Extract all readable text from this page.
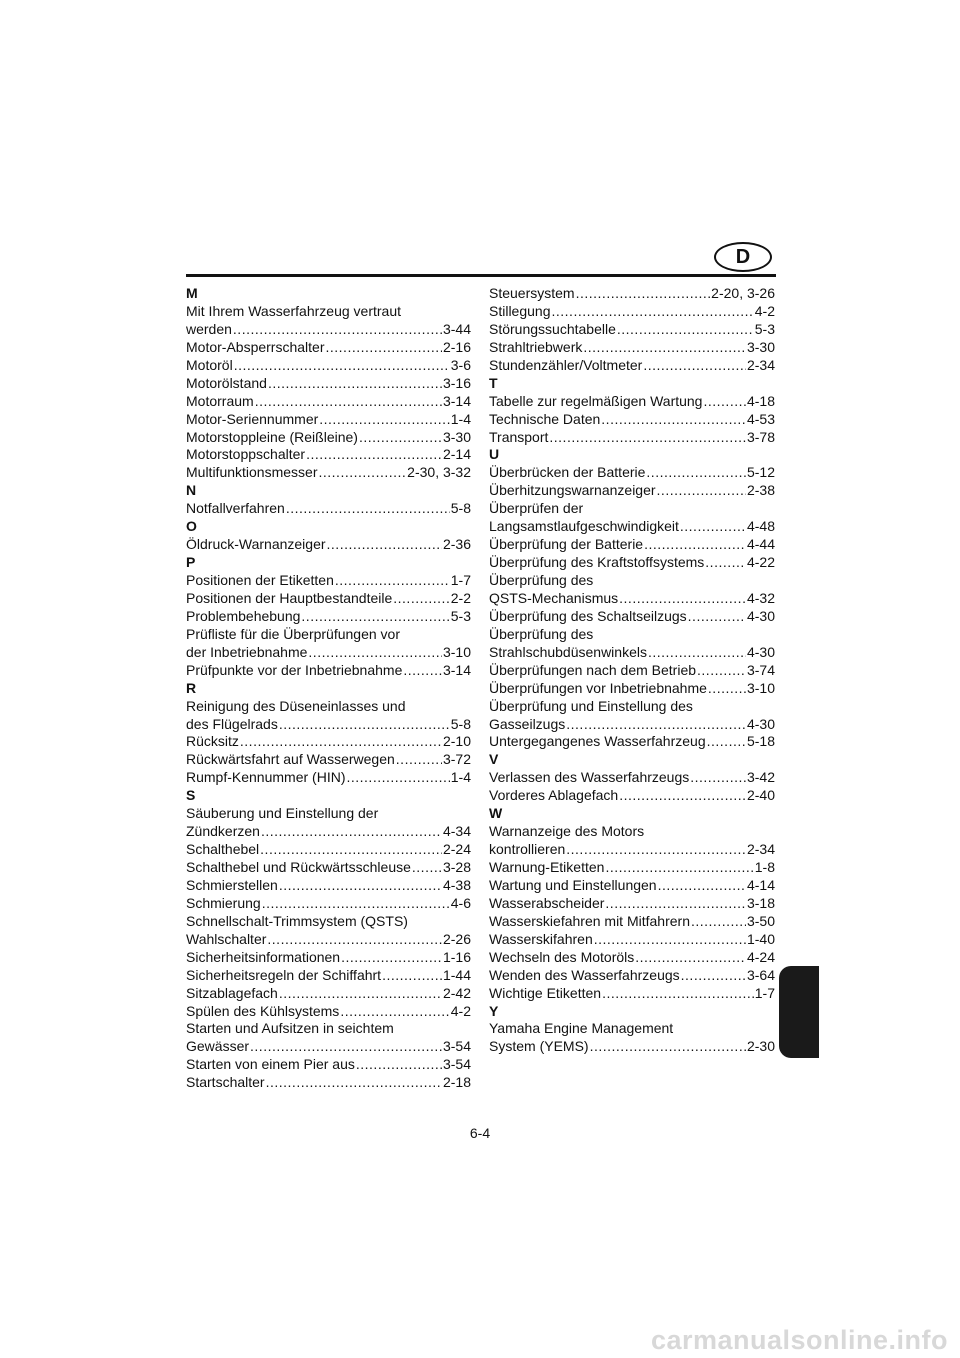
D
M
Mit Ihrem Wasserfahrzeug vertraut
werden .....	3-44
Motor-Absperrschalter .....	2-16
Motoröl .....	3-6
Motorölstand .....	3-16
Motorraum .....	3-14
Motor-Seriennummer .....	1-4
Motorstoppleine (Reißleine) .....	3-30
Motorstoppschalter .....	2-14
Multifunktionsmesser .....	2-30, 3-32
N
Notfallverfahren .....	5-8
O
Öldruck-Warnanzeiger .....	2-36
P
Positionen der Etiketten .....	1-7
Positionen der Hauptbestandteile .....	2-2
Problembehebung .....	5-3
Prüfliste für die Überprüfungen vor
der Inbetriebnahme .....	3-10
Prüfpunkte vor der Inbetriebnahme .....	3-14
R
Reinigung des Düseneinlasses und
des Flügelrads .....	5-8
Rücksitz .....	2-10
Rückwärtsfahrt auf Wasserwegen .....	3-72
Rumpf-Kennummer (HIN) .....	1-4
S
Säuberung und Einstellung der
Zündkerzen .....	4-34
Schalthebel .....	2-24
Schalthebel und Rückwärtsschleuse ..... 3-28
Schmierstellen .....	4-38
Schmierung .....	4-6
Schnellschalt-Trimmsystem (QSTS)
Wahlschalter .....	2-26
Sicherheitsinformationen .....	1-16
Sicherheitsregeln der Schiffahrt .....	1-44
Sitzablagefach .....	2-42
Spülen des Kühlsystems .....	4-2
Starten und Aufsitzen in seichtem
Gewässer .....	3-54
Starten von einem Pier aus .....	3-54
Startschalter .....	2-18
Steuersystem .....	2-20, 3-26
Stillegung .....	4-2
Störungssuchtabelle .....	5-3
Strahltriebwerk .....	3-30
Stundenzähler/Voltmeter .....	2-34
T
Tabelle zur regelmäßigen Wartung .....	4-18
Technische Daten .....	4-53
Transport .....	3-78
U
Überbrücken der Batterie .....	5-12
Überhitzungswarnanzeiger .....	2-38
Überprüfen der
Langsamstlaufgeschwindigkeit .....	4-48
Überprüfung der Batterie .....	4-44
Überprüfung des Kraftstoffsystems .....	4-22
Überprüfung des
QSTS-Mechanismus .....	4-32
Überprüfung des Schaltseilzugs .....	4-30
Überprüfung des
Strahlschubdüsenwinkels .....	4-30
Überprüfungen nach dem Betrieb .....	3-74
Überprüfungen vor Inbetriebnahme .....	3-10
Überprüfung und Einstellung des
Gasseilzugs .....	4-30
Untergegangenes Wasserfahrzeug .....	5-18
V
Verlassen des Wasserfahrzeugs .....	3-42
Vorderes Ablagefach .....	2-40
W
Warnanzeige des Motors
kontrollieren .....	2-34
Warnung-Etiketten .....	1-8
Wartung und Einstellungen .....	4-14
Wasserabscheider .....	3-18
Wasserskiefahren mit Mitfahrern .....	3-50
Wasserskifahren .....	1-40
Wechseln des Motoröls .....	4-24
Wenden des Wasserfahrzeugs .....	3-64
Wichtige Etiketten .....	1-7
Y
Yamaha Engine Management
System (YEMS) .....	2-30
6-4
carmanualsonline.info
